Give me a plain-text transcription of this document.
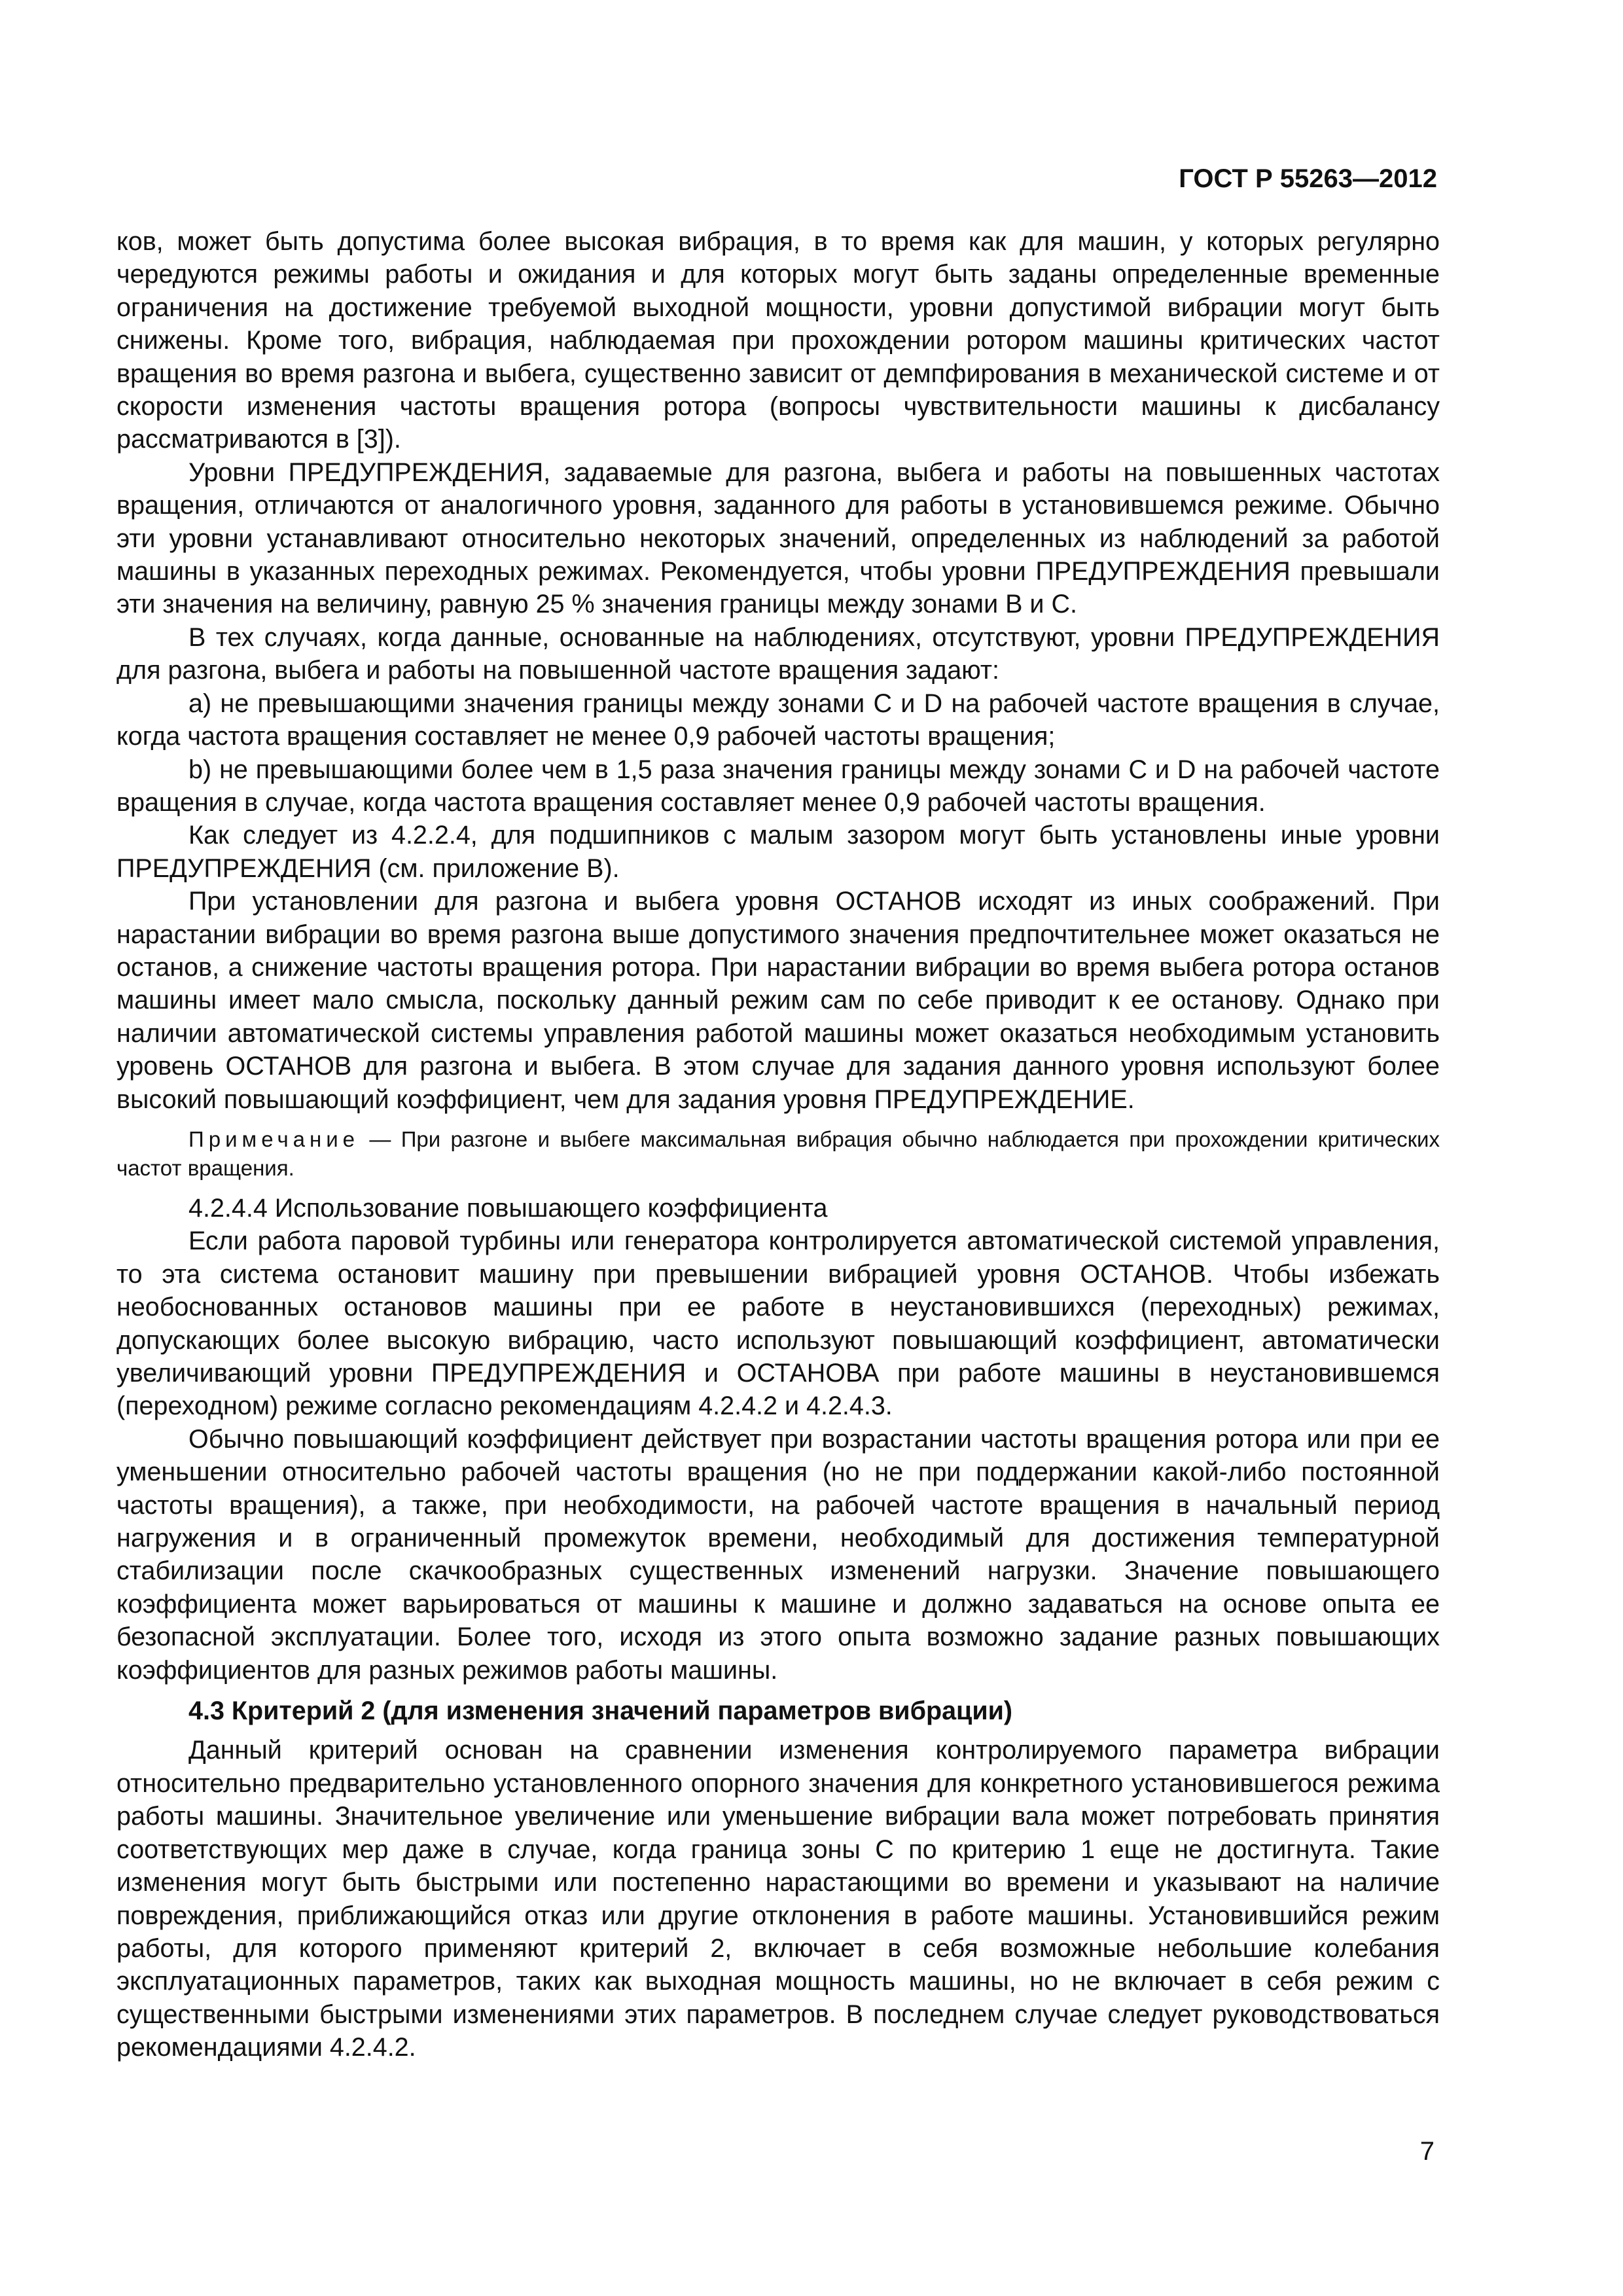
ГОСТ Р 55263—2012

ков, может быть допустима более высокая вибрация, в то время как для машин, у которых регулярно чередуются режимы работы и ожидания и для которых могут быть заданы определенные временные ограничения на достижение требуемой выходной мощности, уровни допустимой вибрации могут быть снижены. Кроме того, вибрация, наблюдаемая при прохождении ротором машины критических частот вращения во время разгона и выбега, существенно зависит от демпфирования в механической системе и от скорости изменения частоты вращения ротора (вопросы чувствительности машины к дисбалансу рассматриваются в [3]).

Уровни ПРЕДУПРЕЖДЕНИЯ, задаваемые для разгона, выбега и работы на повышенных частотах вращения, отличаются от аналогичного уровня, заданного для работы в установившемся режиме. Обычно эти уровни устанавливают относительно некоторых значений, определенных из наблюдений за работой машины в указанных переходных режимах. Рекомендуется, чтобы уровни ПРЕДУПРЕЖДЕНИЯ превышали эти значения на величину, равную 25 % значения границы между зонами В и С.

В тех случаях, когда данные, основанные на наблюдениях, отсутствуют, уровни ПРЕДУПРЕЖДЕНИЯ для разгона, выбега и работы на повышенной частоте вращения задают:

a) не превышающими значения границы между зонами С и D на рабочей частоте вращения в случае, когда частота вращения составляет не менее 0,9 рабочей частоты вращения;

b) не превышающими более чем в 1,5 раза значения границы между зонами С и D на рабочей частоте вращения в случае, когда частота вращения составляет менее 0,9 рабочей частоты вращения.

Как следует из 4.2.2.4, для подшипников с малым зазором могут быть установлены иные уровни ПРЕДУПРЕЖДЕНИЯ (см. приложение В).

При установлении для разгона и выбега уровня ОСТАНОВ исходят из иных соображений. При нарастании вибрации во время разгона выше допустимого значения предпочтительнее может оказаться не останов, а снижение частоты вращения ротора. При нарастании вибрации во время выбега ротора останов машины имеет мало смысла, поскольку данный режим сам по себе приводит к ее останову. Однако при наличии автоматической системы управления работой машины может оказаться необходимым установить уровень ОСТАНОВ для разгона и выбега. В этом случае для задания данного уровня используют более высокий повышающий коэффициент, чем для задания уровня ПРЕДУПРЕЖДЕНИЕ.

Примечание — При разгоне и выбеге максимальная вибрация обычно наблюдается при прохождении критических частот вращения.

4.2.4.4 Использование повышающего коэффициента

Если работа паровой турбины или генератора контролируется автоматической системой управления, то эта система остановит машину при превышении вибрацией уровня ОСТАНОВ. Чтобы избежать необоснованных остановов машины при ее работе в неустановившихся (переходных) режимах, допускающих более высокую вибрацию, часто используют повышающий коэффициент, автоматически увеличивающий уровни ПРЕДУПРЕЖДЕНИЯ и ОСТАНОВА при работе машины в неустановившемся (переходном) режиме согласно рекомендациям 4.2.4.2 и 4.2.4.3.

Обычно повышающий коэффициент действует при возрастании частоты вращения ротора или при ее уменьшении относительно рабочей частоты вращения (но не при поддержании какой-либо постоянной частоты вращения), а также, при необходимости, на рабочей частоте вращения в начальный период нагружения и в ограниченный промежуток времени, необходимый для достижения температурной стабилизации после скачкообразных существенных изменений нагрузки. Значение повышающего коэффициента может варьироваться от машины к машине и должно задаваться на основе опыта ее безопасной эксплуатации. Более того, исходя из этого опыта возможно задание разных повышающих коэффициентов для разных режимов работы машины.

4.3 Критерий 2 (для изменения значений параметров вибрации)

Данный критерий основан на сравнении изменения контролируемого параметра вибрации относительно предварительно установленного опорного значения для конкретного установившегося режима работы машины. Значительное увеличение или уменьшение вибрации вала может потребовать принятия соответствующих мер даже в случае, когда граница зоны С по критерию 1 еще не достигнута. Такие изменения могут быть быстрыми или постепенно нарастающими во времени и указывают на наличие повреждения, приближающийся отказ или другие отклонения в работе машины. Установившийся режим работы, для которого применяют критерий 2, включает в себя возможные небольшие колебания эксплуатационных параметров, таких как выходная мощность машины, но не включает в себя режим с существенными быстрыми изменениями этих параметров. В последнем случае следует руководствоваться рекомендациями 4.2.4.2.

7
